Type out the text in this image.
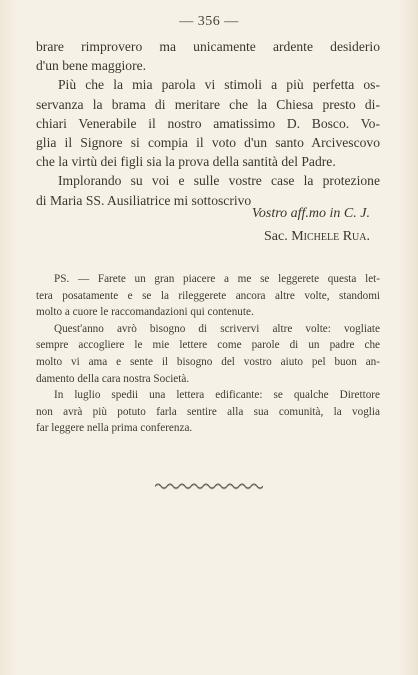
— 356 —
brare rimprovero ma unicamente ardente desiderio
d'un bene maggiore.
Più che la mia parola vi stimoli a più perfetta os-
servanza la brama di meritare che la Chiesa presto di-
chiari Venerabile il nostro amatissimo D. Bosco. Vo-
glia il Signore si compia il voto d'un santo Arcivescovo
che la virtù dei figli sia la prova della santità del Padre.
Implorando su voi e sulle vostre case la protezione
di Maria SS. Ausiliatrice mi sottoscrivo
Vostro aff.mo in C. J.
Sac. Michele Rua.
PS. — Farete un gran piacere a me se leggerete questa let-
tera posatamente e se la rileggerete ancora altre volte, standomi
molto a cuore le raccomandazioni qui contenute.
Quest'anno avrò bisogno di scrivervi altre volte: vogliate
sempre accogliere le mie lettere come parole di un padre che
molto vi ama e sente il bisogno del vostro aiuto pel buon an-
damento della cara nostra Società.
In luglio spedii una lettera edificante: se qualche Direttore
non avrà più potuto farla sentire alla sua comunità, la voglia
far leggere nella prima conferenza.
